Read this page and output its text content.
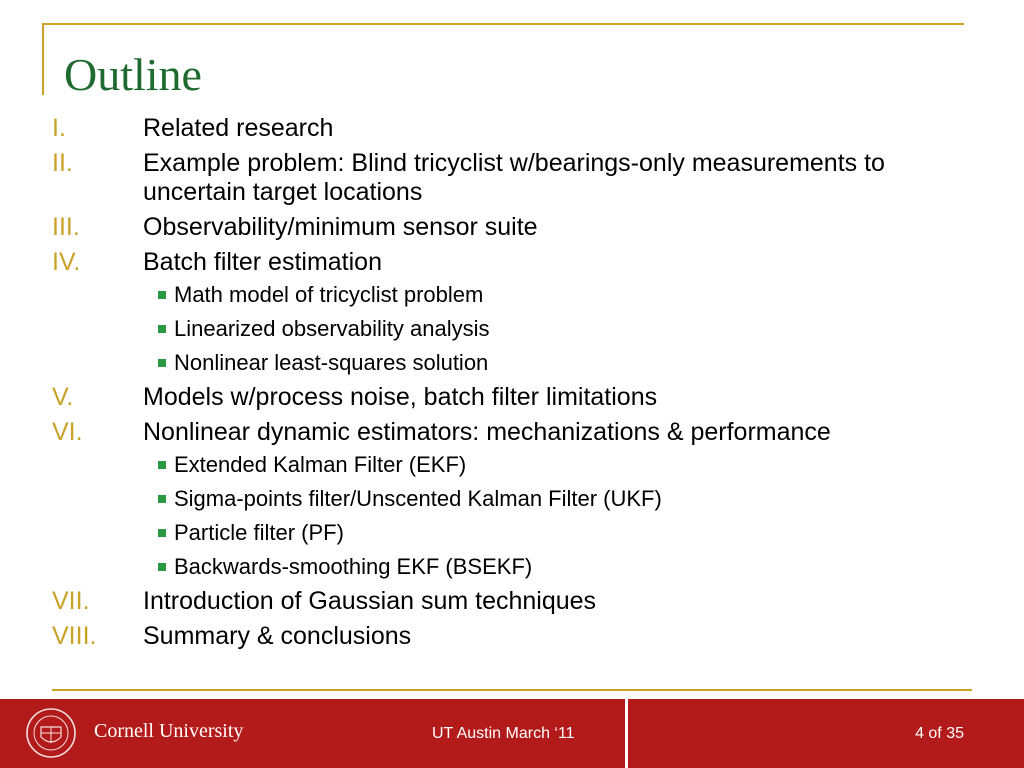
Outline
I.	Related research
II.	Example problem: Blind tricyclist w/bearings-only measurements to uncertain target locations
III.	Observability/minimum sensor suite
IV.	Batch filter estimation
Math model of tricyclist problem
Linearized observability analysis
Nonlinear least-squares solution
V.	Models w/process noise, batch filter limitations
VI. Nonlinear dynamic estimators: mechanizations & performance
Extended Kalman Filter (EKF)
Sigma-points filter/Unscented Kalman Filter (UKF)
Particle filter (PF)
Backwards-smoothing EKF (BSEKF)
VII. Introduction of Gaussian sum techniques
VIII. Summary & conclusions
Cornell University	UT Austin March ‘11	4 of 35
